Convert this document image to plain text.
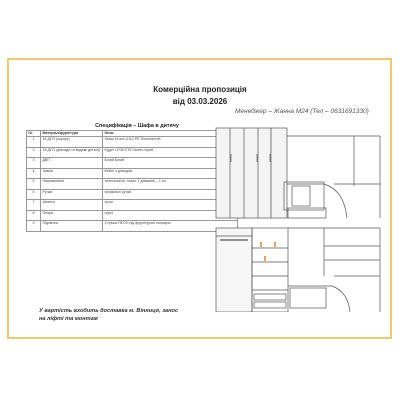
Комерційна пропозиція
від 03.03.2026
Менеджер – Жанна М24 (Тел – 0631691330)
Специфікація – Шафа в дитячу
№	Матеріал/фурнітура	Опис
1	16 ДСП (корпус)	Swiss Krono U112 PE Попелястий
2	18 ДСП (фасади та видимі деталі)	Egger U708 ST9 Світло-сірий
3	ДВП	Білий Білий
4	Завіси	Muller з доводом
5	Направляючі	телескопічні, повні, 2 довжини – 1 шт
6	Ручки	профільні ручки
7	Штанга	хром
8	Опори	чорні
9	Підсвітка	Стрічка НЕОН під фурнітурою полицею
У вартість входить доставка м. Вінниця, занос на ліфті та монтаж
